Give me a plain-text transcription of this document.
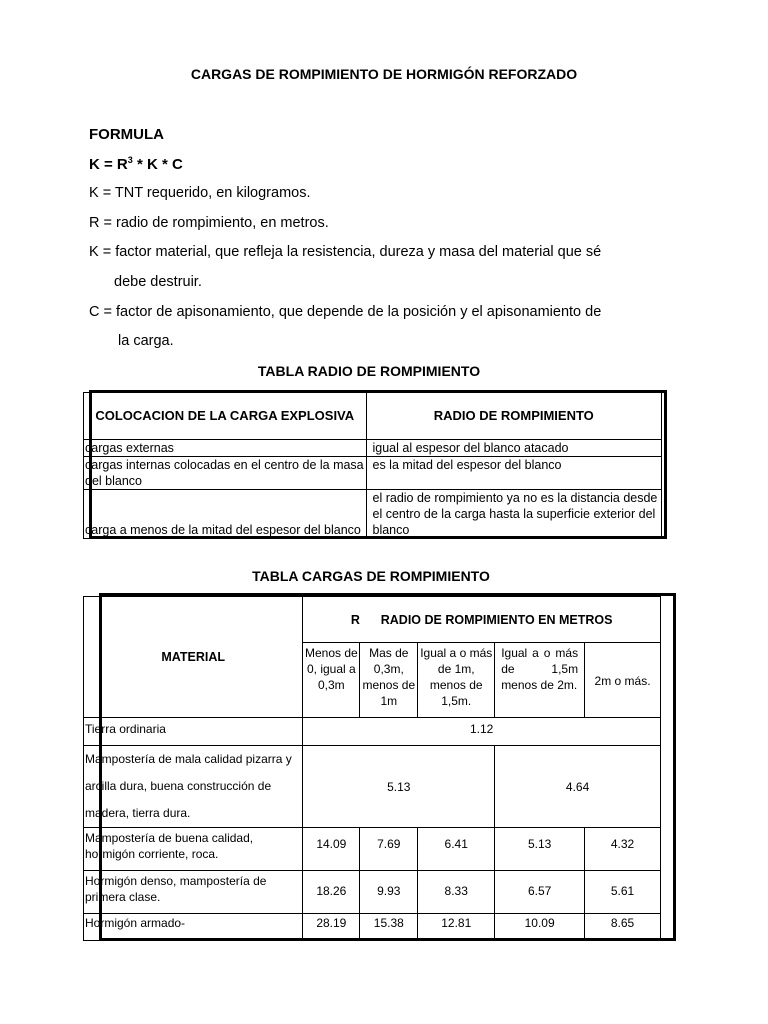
CARGAS DE ROMPIMIENTO DE HORMIGÓN REFORZADO
FORMULA
$K = R^3 * K * C$
K = TNT requerido, en kilogramos.
R = radio de rompimiento, en metros.
K = factor material, que refleja la resistencia, dureza y masa del material que sé
debe destruir.
C = factor de apisonamiento, que depende de la posición y el apisonamiento de
la carga.
TABLA RADIO DE ROMPIMIENTO
COLOCACION DE LA CARGA EXPLOSIVA	RADIO DE ROMPIMIENTO
cargas externas	igual al espesor del blanco atacado
cargas internas colocadas en el centro de la masa del blanco	es la mitad del espesor del blanco
carga a menos de la mitad del espesor del blanco	el radio de rompimiento ya no es la distancia desde el centro de la carga hasta la superficie exterior del blanco
TABLA CARGAS DE ROMPIMIENTO
MATERIAL	R      RADIO DE ROMPIMIENTO EN METROS				
	Menos de 0, igual a 0,3m	Mas de 0,3m, menos de 1m	Igual a o más de 1m, menos de 1,5m.	Igual a o más de 1,5m menos de 2m.	2m o más.
Tierra ordinaria	1.12				
Mampostería de mala calidad pizarra y arcilla dura, buena construcción de madera, tierra dura.	5.13			4.64	
Mampostería de buena calidad, hormigón corriente, roca.	14.09	7.69	6.41	5.13	4.32
Hormigón denso, mampostería de primera clase.	18.26	9.93	8.33	6.57	5.61
Hormigón armado-	28.19	15.38	12.81	10.09	8.65
